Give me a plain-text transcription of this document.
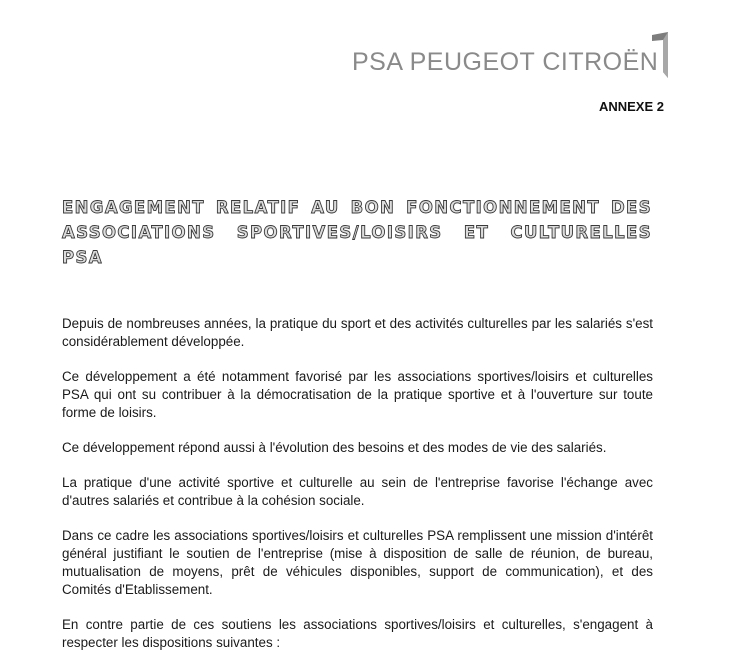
PSA PEUGEOT CITROËN
ANNEXE 2
ENGAGEMENT RELATIF AU BON FONCTIONNEMENT DES ASSOCIATIONS SPORTIVES/LOISIRS ET CULTURELLES PSA

Depuis de nombreuses années, la pratique du sport et des activités culturelles par les salariés s'est considérablement développée.

Ce développement a été notamment favorisé par les associations sportives/loisirs et culturelles PSA qui ont su contribuer à la démocratisation de la pratique sportive et à l'ouverture sur toute forme de loisirs.

Ce développement répond aussi à l'évolution des besoins et des modes de vie des salariés.

La pratique d'une activité sportive et culturelle au sein de l'entreprise favorise l'échange avec d'autres salariés et contribue à la cohésion sociale.

Dans ce cadre les associations sportives/loisirs et culturelles PSA remplissent une mission d'intérêt général justifiant le soutien de l'entreprise (mise à disposition de salle de réunion, de bureau, mutualisation de moyens, prêt de véhicules disponibles, support de communication), et des Comités d'Etablissement.

En contre partie de ces soutiens les associations sportives/loisirs et culturelles, s'engagent à respecter les dispositions suivantes :
